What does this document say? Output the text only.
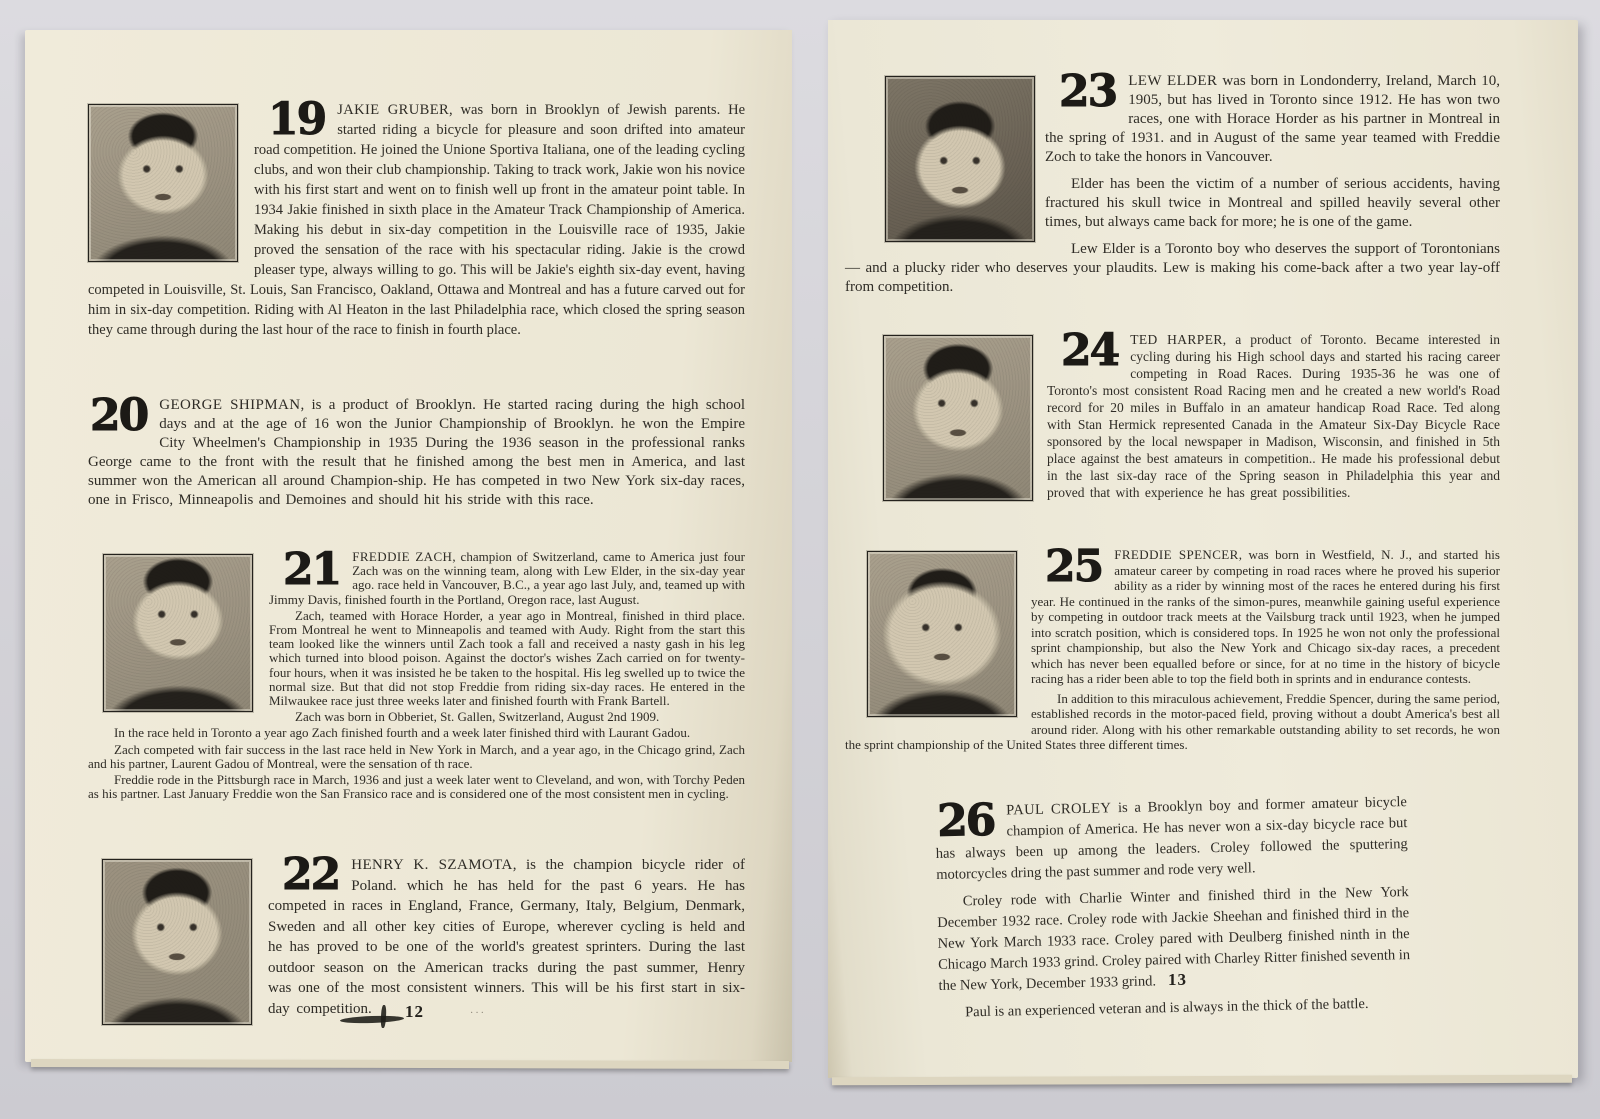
19 JAKIE GRUBER, was born in Brooklyn of Jewish parents. He started riding a bicycle for pleasure and soon drifted into amateur road competition. He joined the Unione Sportiva Italiana, one of the leading cycling clubs, and won their club championship. Taking to track work, Jakie won his novice with his first start and went on to finish well up front in the amateur point table. In 1934 Jakie finished in sixth place in the Amateur Track Championship of America. Making his debut in six-day competition in the Louisville race of 1935, Jakie proved the sensation of the race with his spectacular riding. Jakie is the crowd pleaser type, always willing to go. This will be Jakie's eighth six-day event, having competed in Louisville, St. Louis, San Francisco, Oakland, Ottawa and Montreal and has a future carved out for him in six-day competition. Riding with Al Heaton in the last Philadelphia race, which closed the spring season they came through during the last hour of the race to finish in fourth place.

20 GEORGE SHIPMAN, is a product of Brooklyn. He started racing during the high school days and at the age of 16 won the Junior Championship of Brooklyn. he won the Empire City Wheelmen's Championship in 1935 During the 1936 season in the professional ranks George came to the front with the result that he finished among the best men in America, and last summer won the American all around Champion-ship. He has competed in two New York six-day races, one in Frisco, Minneapolis and Demoines and should hit his stride with this race.

21 FREDDIE ZACH, champion of Switzerland, came to America just four Zach was on the winning team, along with Lew Elder, in the six-day year ago. race held in Vancouver, B.C., a year ago last July, and, teamed up with Jimmy Davis, finished fourth in the Portland, Oregon race, last August.

Zach, teamed with Horace Horder, a year ago in Montreal, finished in third place. From Montreal he went to Minneapolis and teamed with Audy. Right from the start this team looked like the winners until Zach took a fall and received a nasty gash in his leg which turned into blood poison. Against the doctor's wishes Zach carried on for twenty-four hours, when it was insisted he be taken to the hospital. His leg swelled up to twice the normal size. But that did not stop Freddie from riding six-day races. He entered in the Milwaukee race just three weeks later and finished fourth with Frank Bartell.

Zach was born in Obberiet, St. Gallen, Switzerland, August 2nd 1909.

In the race held in Toronto a year ago Zach finished fourth and a week later finished third with Laurant Gadou.

Zach competed with fair success in the last race held in New York in March, and a year ago, in the Chicago grind, Zach and his partner, Laurent Gadou of Montreal, were the sensation of th race.

Freddie rode in the Pittsburgh race in March, 1936 and just a week later went to Cleveland, and won, with Torchy Peden as his partner. Last January Freddie won the San Fransico race and is considered one of the most consistent men in cycling.

22 HENRY K. SZAMOTA, is the champion bicycle rider of Poland. which he has held for the past 6 years. He has competed in races in England, France, Germany, Italy, Belgium, Denmark, Sweden and all other key cities of Europe, wherever cycling is held and he has proved to be one of the world's greatest sprinters. During the last outdoor season on the American tracks during the past summer, Henry was one of the most consistent winners. This will be his first start in six-day competition.	12	···

23 LEW ELDER was born in Londonderry, Ireland, March 10, 1905, but has lived in Toronto since 1912. He has won two races, one with Horace Horder as his partner in Montreal in the spring of 1931. and in August of the same year teamed with Freddie Zoch to take the honors in Vancouver.

Elder has been the victim of a number of serious accidents, having fractured his skull twice in Montreal and spilled heavily several other times, but always came back for more; he is one of the game.

Lew Elder is a Toronto boy who deserves the support of Torontonians — and a plucky rider who deserves your plaudits. Lew is making his come-back after a two year lay-off from competition.

24 TED HARPER, a product of Toronto. Became interested in cycling during his High school days and started his racing career competing in Road Races. During 1935-36 he was one of Toronto's most consistent Road Racing men and he created a new world's Road record for 20 miles in Buffalo in an amateur handicap Road Race. Ted along with Stan Hermick represented Canada in the Amateur Six-Day Bicycle Race sponsored by the local newspaper in Madison, Wisconsin, and finished in 5th place against the best amateurs in competition.. He made his professional debut in the last six-day race of the Spring season in Philadelphia this year and proved that with experience he has great possibilities.

25 FREDDIE SPENCER, was born in Westfield, N. J., and started his amateur career by competing in road races where he proved his superior ability as a rider by winning most of the races he entered during his first year. He continued in the ranks of the simon-pures, meanwhile gaining useful experience by competing in outdoor track meets at the Vailsburg track until 1923, when he jumped into scratch position, which is considered tops. In 1925 he won not only the professional sprint championship, but also the New York and Chicago six-day races, a precedent which has never been equalled before or since, for at no time in the history of bicycle racing has a rider been able to top the field both in sprints and in endurance contests.

In addition to this miraculous achievement, Freddie Spencer, during the same period, established records in the motor-paced field, proving without a doubt America's best all around rider. Along with his other remarkable outstanding ability to set records, he won the sprint championship of the United States three different times.

26 PAUL CROLEY is a Brooklyn boy and former amateur bicycle champion of America. He has never won a six-day bicycle race but has always been up among the leaders. Croley followed the sputtering motorcycles dring the past summer and rode very well.

Croley rode with Charlie Winter and finished third in the New York December 1932 race. Croley rode with Jackie Sheehan and finished third in the New York March 1933 race. Croley pared with Deulberg finished ninth in the Chicago March 1933 grind. Croley paired with Charley Ritter finished seventh in the New York, December 1933 grind.

Paul is an experienced veteran and is always in the thick of the battle.

13
